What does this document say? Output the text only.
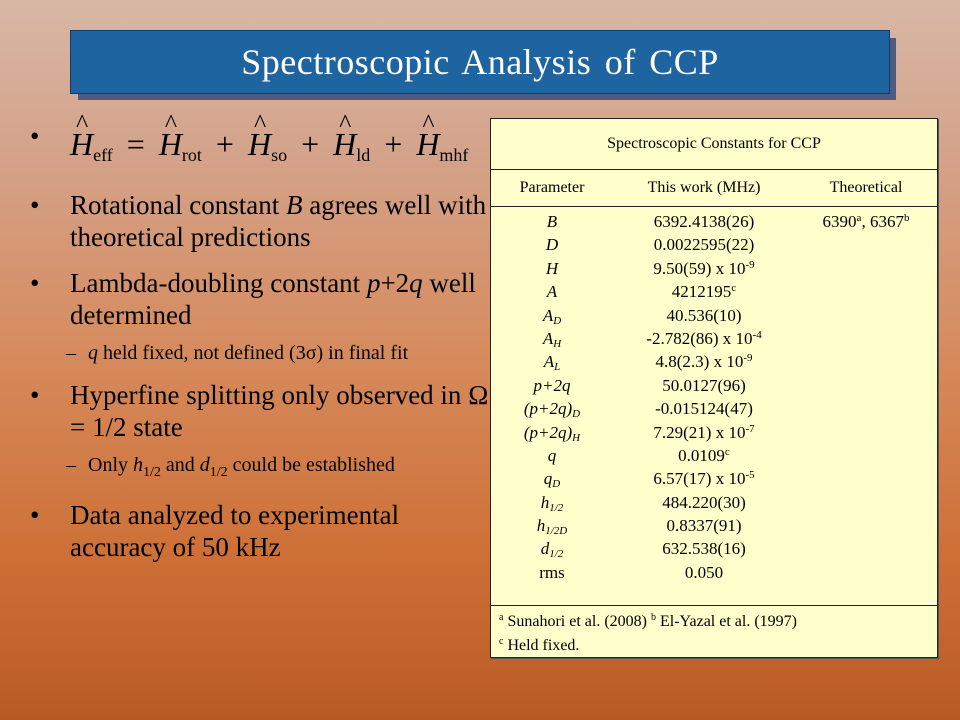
Spectroscopic Analysis of CCP
• ^ $H_{eff}$ = ^ $H_{rot}$ + ^ $H_{so}$ + ^ $H_{ld}$ + ^ $H_{mhf}$
• Rotational constant B agrees well with theoretical predictions
• Lambda-doubling constant p+2q well determined
– q held fixed, not defined (3σ) in final fit
• Hyperfine splitting only observed in Ω = 1/2 state
– Only $h_{1/2}$ and $d_{1/2}$ could be established
• Data analyzed to experimental accuracy of 50 kHz
Spectroscopic Constants for CCP
Parameter	This work (MHz)	Theoretical
B	6392.4138(26)	6390$^a$, 6367$^b$
D	0.0022595(22)
H	9.50(59) x $10^{-9}$
A	4212195$^c$
$A_D$	40.536(10)
$A_H$	-2.782(86) x $10^{-4}$
$A_L$	4.8(2.3) x $10^{-9}$
p+2q	50.0127(96)
$(p+2q)_D$	-0.015124(47)
$(p+2q)_H$	7.29(21) x $10^{-7}$
q	0.0109$^c$
$q_D$	6.57(17) x $10^{-5}$
$h_{1/2}$	484.220(30)
$h_{1/2D}$	0.8337(91)
$d_{1/2}$	632.538(16)
rms	0.050
$^a$ Sunahori et al. (2008) $^b$ El-Yazal et al. (1997)
$^c$ Held fixed.
